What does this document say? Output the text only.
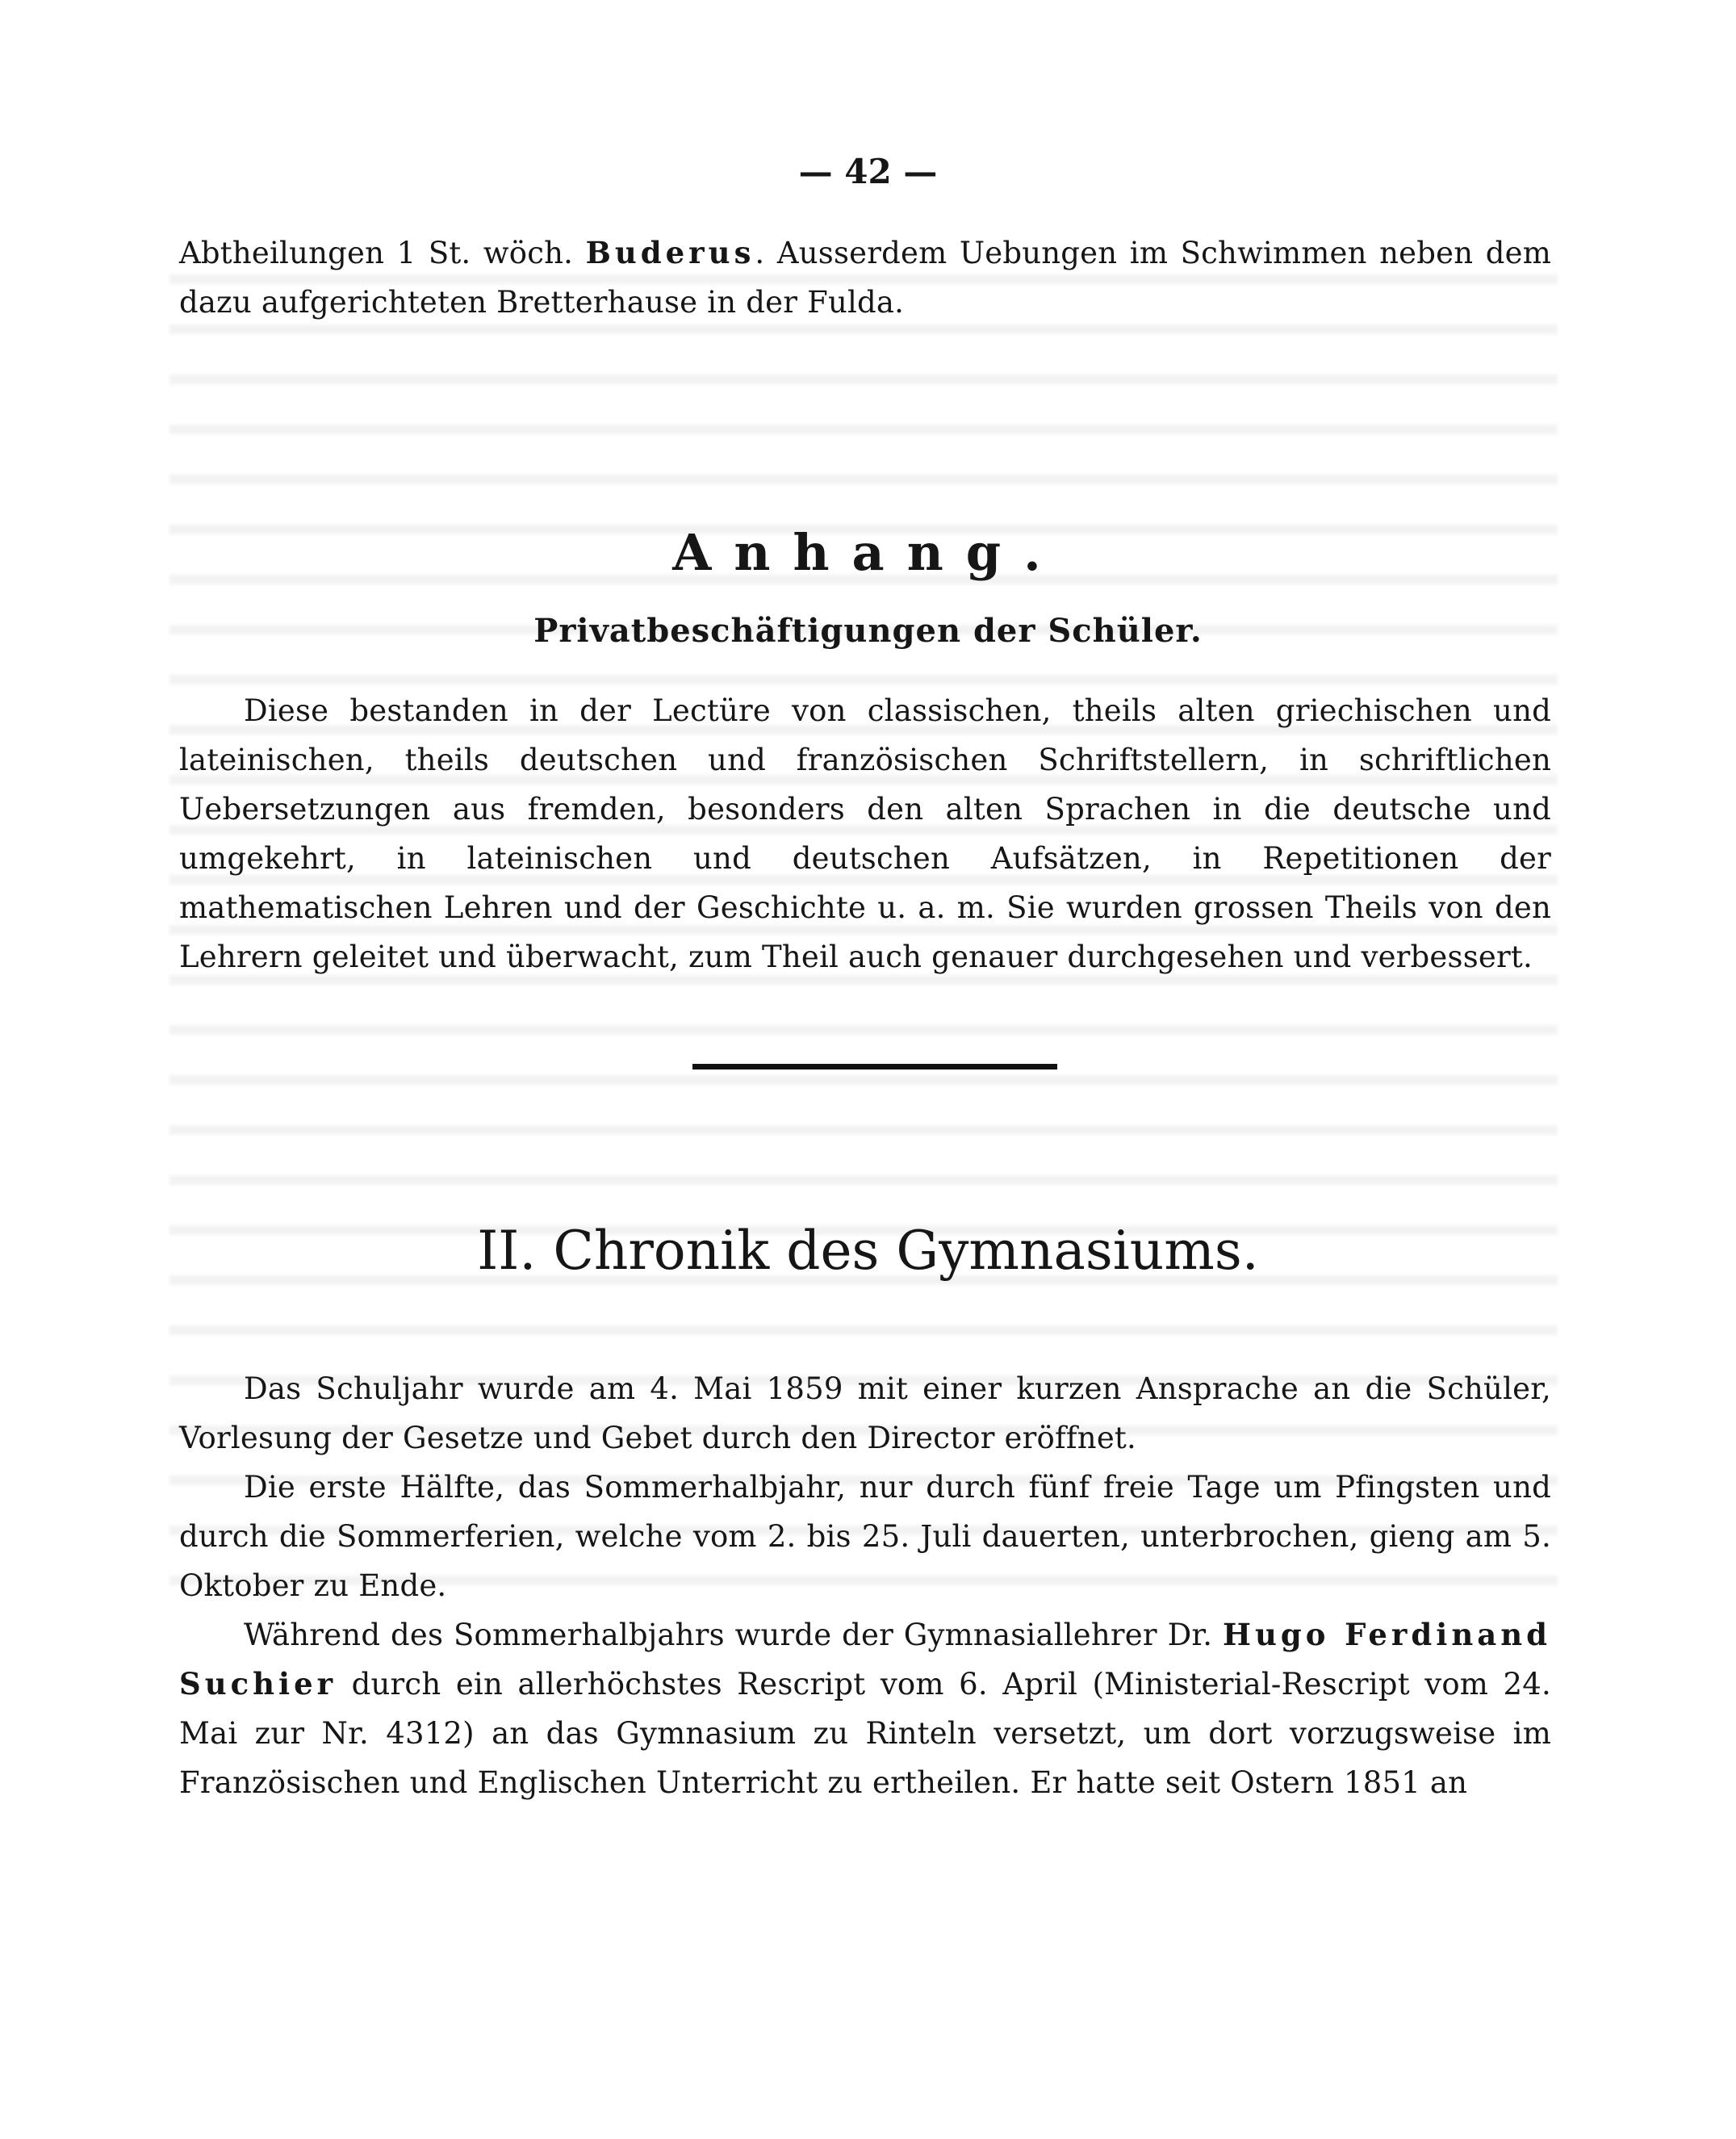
— 42 —

Abtheilungen 1 St. wöch. Buderus. Ausserdem Uebungen im Schwimmen neben dem dazu aufgerichteten Bretterhause in der Fulda.

Anhang.
Privatbeschäftigungen der Schüler.

Diese bestanden in der Lectüre von classischen, theils alten griechischen und lateinischen, theils deutschen und französischen Schriftstellern, in schriftlichen Uebersetzungen aus fremden, besonders den alten Sprachen in die deutsche und umgekehrt, in lateinischen und deutschen Aufsätzen, in Repetitionen der mathematischen Lehren und der Geschichte u. a. m. Sie wurden grossen Theils von den Lehrern geleitet und überwacht, zum Theil auch genauer durchgesehen und verbessert.

II. Chronik des Gymnasiums.

Das Schuljahr wurde am 4. Mai 1859 mit einer kurzen Ansprache an die Schüler, Vorlesung der Gesetze und Gebet durch den Director eröffnet.

Die erste Hälfte, das Sommerhalbjahr, nur durch fünf freie Tage um Pfingsten und durch die Sommerferien, welche vom 2. bis 25. Juli dauerten, unterbrochen, gieng am 5. Oktober zu Ende.

Während des Sommerhalbjahrs wurde der Gymnasiallehrer Dr. Hugo Ferdinand Suchier durch ein allerhöchstes Rescript vom 6. April (Ministerial-Rescript vom 24. Mai zur Nr. 4312) an das Gymnasium zu Rinteln versetzt, um dort vorzugsweise im Französischen und Englischen Unterricht zu ertheilen. Er hatte seit Ostern 1851 an
